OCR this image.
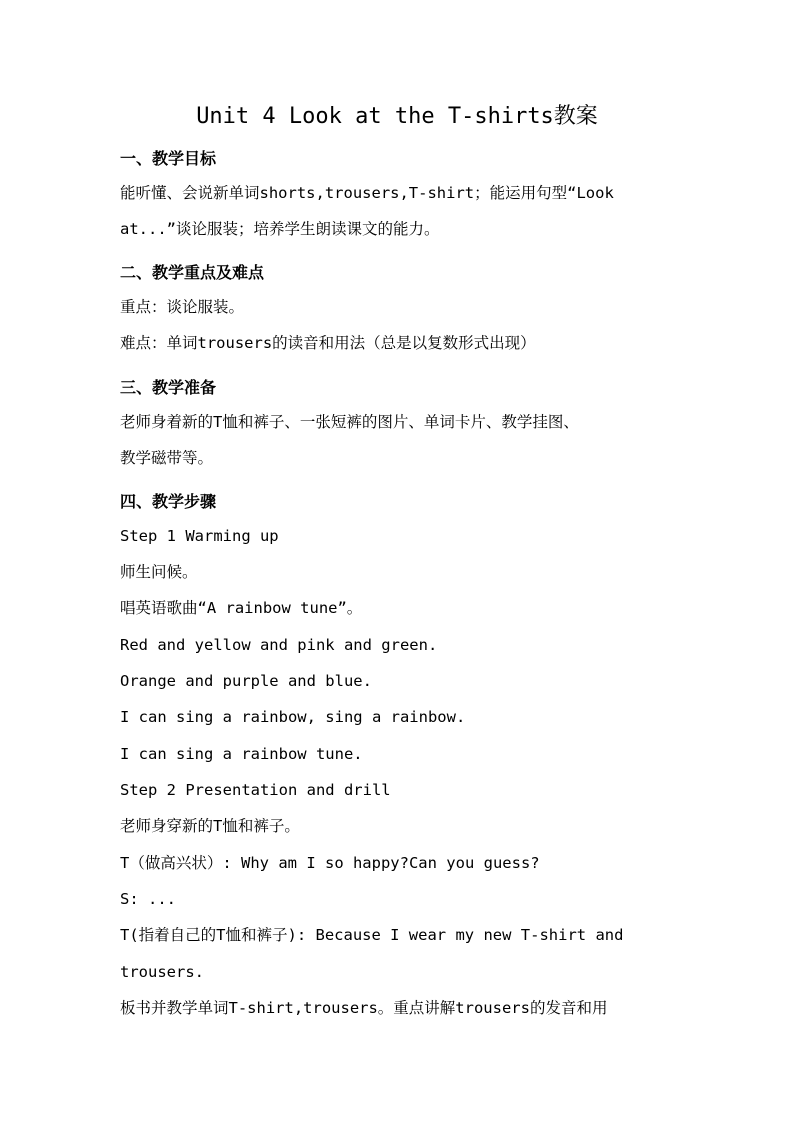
Unit 4 Look at the T-shirts教案
一、教学目标
能听懂、会说新单词shorts,trousers,T-shirt；能运用句型“Look
at...”谈论服装；培养学生朗读课文的能力。
二、教学重点及难点
重点：谈论服装。
难点：单词trousers的读音和用法（总是以复数形式出现）
三、教学准备
老师身着新的T恤和裤子、一张短裤的图片、单词卡片、教学挂图、
教学磁带等。
四、教学步骤
Step 1 Warming up
师生问候。
唱英语歌曲“A rainbow tune”。
Red and yellow and pink and green.
Orange and purple and blue.
I can sing a rainbow, sing a rainbow.
I can sing a rainbow tune.
Step 2 Presentation and drill
老师身穿新的T恤和裤子。
T（做高兴状）: Why am I so happy?Can you guess?
S: ...
T(指着自己的T恤和裤子): Because I wear my new T-shirt and
trousers.
板书并教学单词T-shirt,trousers。重点讲解trousers的发音和用
